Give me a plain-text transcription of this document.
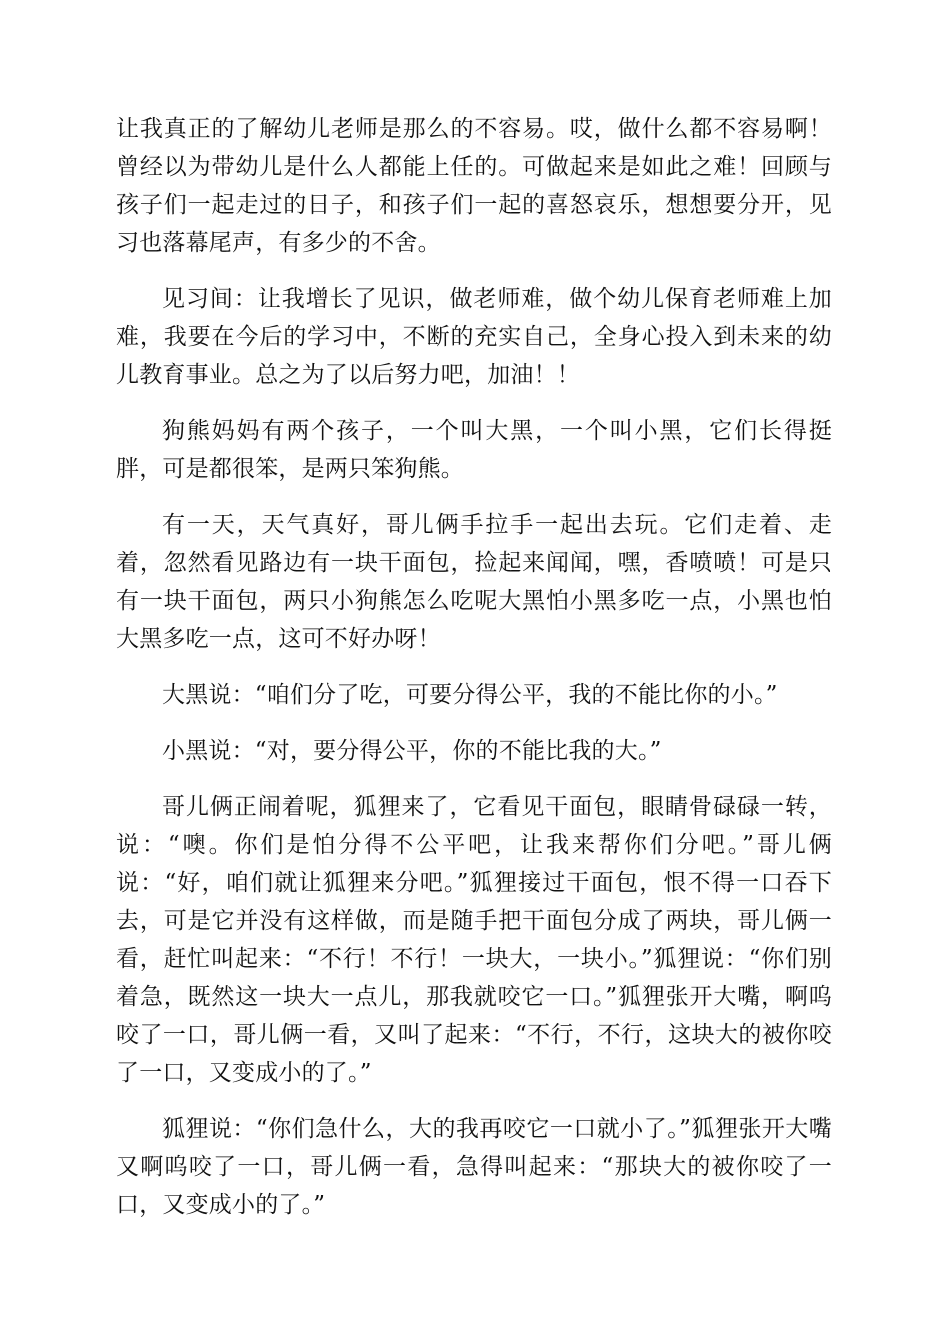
让我真正的了解幼儿老师是那么的不容易。哎，做什么都不容易啊！曾经以为带幼儿是什么人都能上任的。可做起来是如此之难！回顾与孩子们一起走过的日子，和孩子们一起的喜怒哀乐，想想要分开，见习也落幕尾声，有多少的不舍。

见习间：让我增长了见识，做老师难，做个幼儿保育老师难上加难，我要在今后的学习中，不断的充实自己，全身心投入到未来的幼儿教育事业。总之为了以后努力吧，加油！！

狗熊妈妈有两个孩子，一个叫大黑，一个叫小黑，它们长得挺胖，可是都很笨，是两只笨狗熊。

有一天，天气真好，哥儿俩手拉手一起出去玩。它们走着、走着，忽然看见路边有一块干面包，捡起来闻闻，嘿，香喷喷！可是只有一块干面包，两只小狗熊怎么吃呢大黑怕小黑多吃一点，小黑也怕大黑多吃一点，这可不好办呀！

大黑说：“咱们分了吃，可要分得公平，我的不能比你的小。”

小黑说：“对，要分得公平，你的不能比我的大。”

哥儿俩正闹着呢，狐狸来了，它看见干面包，眼睛骨碌碌一转，说：“噢。你们是怕分得不公平吧，让我来帮你们分吧。”哥儿俩说：“好，咱们就让狐狸来分吧。”狐狸接过干面包，恨不得一口吞下去，可是它并没有这样做，而是随手把干面包分成了两块，哥儿俩一看，赶忙叫起来：“不行！不行！一块大，一块小。”狐狸说：“你们别着急，既然这一块大一点儿，那我就咬它一口。”狐狸张开大嘴，啊呜咬了一口，哥儿俩一看，又叫了起来：“不行，不行，这块大的被你咬了一口，又变成小的了。”

狐狸说：“你们急什么，大的我再咬它一口就小了。”狐狸张开大嘴又啊呜咬了一口，哥儿俩一看，急得叫起来：“那块大的被你咬了一口，又变成小的了。”
